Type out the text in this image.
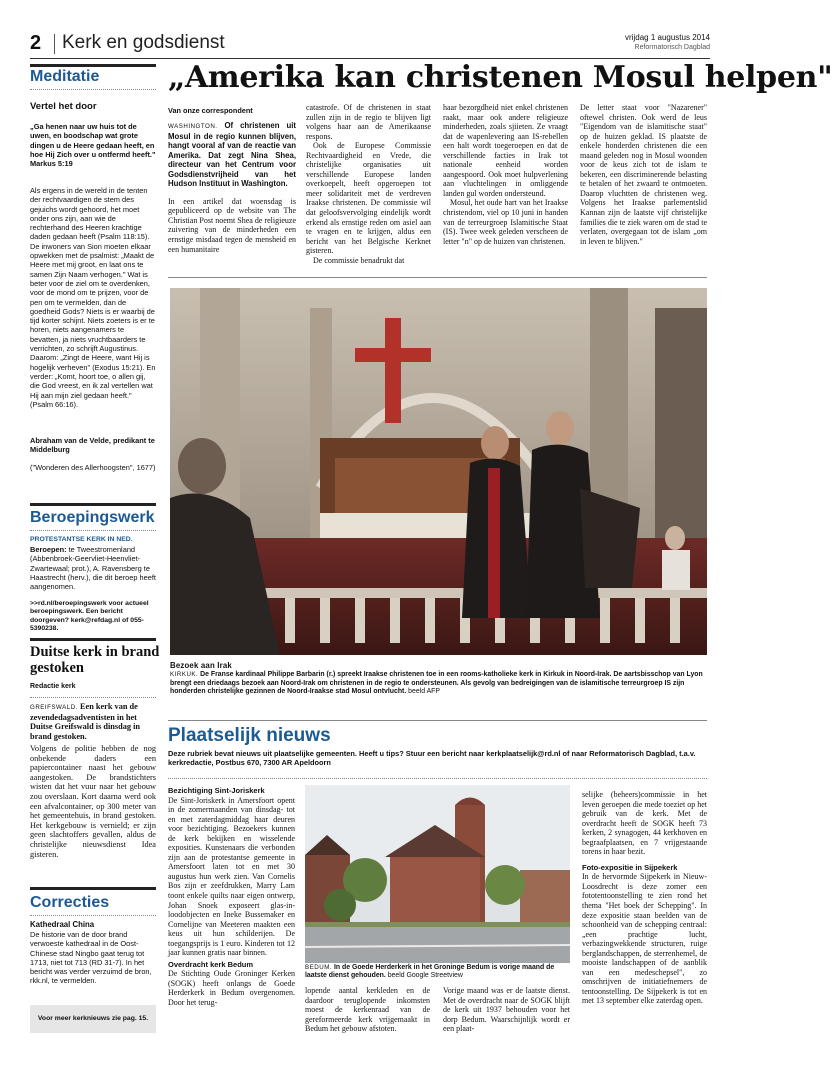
2 Kerk en godsdienst	vrijdag 1 augustus 2014
Reformatorisch Dagblad
Meditatie
Vertel het door
„Ga henen naar uw huis tot de uwen, en boodschap wat grote dingen u de Heere gedaan heeft, en hoe Hij Zich over u ontfermd heeft." Markus 5:19
Als ergens in de wereld in de tenten der rechtvaardigen de stem des gejuichs wordt gehoord, het moet onder ons zijn, aan wie de rechterhand des Heeren krachtige daden gedaan heeft (Psalm 118:15). De inwoners van Sion moeten elkaar opwekken met de psalmist: „Maakt de Heere met mij groot, en laat ons te samen Zijn Naam verhogen." Wat is beter voor de ziel om te overdenken, voor de mond om te prijzen, voor de pen om te vermelden, dan de goedheid Gods? Niets is er waarbij de tijd korter schijnt. Niets zoeters is er te horen, niets aangenamers te bevatten, ja niets vruchtbaarders te verrichten, zo schrijft Augustinus. Daarom: „Zingt de Heere, want Hij is hogelijk verheven" (Exodus 15:21). En verder: „Komt, hoort toe, o allen gij, die God vreest, en ik zal vertellen wat Hij aan mijn ziel gedaan heeft." (Psalm 66:16).
Abraham van de Velde, predikant te Middelburg
("Wonderen des Allerhoogsten", 1677)
Beroepingswerk
PROTESTANTSE KERK IN NED.
Beroepen: te Tweestromenland (Abbenbroek-Geervliet-Heenvliet-Zwartewaal; prot.), A. Ravensberg te Haastrecht (herv.), die dit beroep heeft aangenomen.
>>rd.nl/beroepingswerk voor actueel beroepingswerk. Een bericht doorgeven? kerk@refdag.nl of 055-5390238.
Duitse kerk in brand gestoken
Redactie kerk
GREIFSWALD. Een kerk van de zevendedagsadventisten in het Duitse Greifswald is dinsdag in brand gestoken.

Volgens de politie hebben de nog onbekende daders een papiercontainer naast het gebouw aangestoken. De brandstichters wisten dat het vuur naar het gebouw zou overslaan. Kort daarna werd ook een afvalcontainer, op 300 meter van het gemeentehuis, in brand gestoken. Het kerkgebouw is vernield; er zijn geen slachtoffers gevallen, aldus de christelijke nieuwsdienst Idea gisteren.

Correcties
Kathedraal China
De historie van de door brand verwoeste kathedraal in de Oost-Chinese stad Ningbo gaat terug tot 1713, niet tot 713 (RD 31-7). In het bericht was verder verzuimd de bron, rkk.nl, te vermelden.
Voor meer kerknieuws zie pag. 15.
„Amerika kan christenen Mosul helpen"
Van onze correspondent

WASHINGTON. Of christenen uit Mosul in de regio kunnen blijven, hangt vooral af van de reactie van Amerika. Dat zegt Nina Shea, directeur van het Centrum voor Godsdienstvrijheid van het Hudson Instituut in Washington.

In een artikel dat woensdag is gepubliceerd op de website van The Christian Post noemt Shea de religieuze zuivering van de minderheden een ernstige misdaad tegen de mensheid en een humanitaire

catastrofe. Of de christenen in staat zullen zijn in de regio te blijven ligt volgens haar aan de Amerikaanse respons.

Ook de Europese Commissie Rechtvaardigheid en Vrede, die christelijke organisaties uit verschillende Europese landen overkoepelt, heeft opgeroepen tot meer solidariteit met de verdreven Iraakse christenen. De commissie wil dat geloofsvervolging eindelijk wordt erkend als ernstige reden om asiel aan te vragen en te krijgen, aldus een bericht van het Belgische Kerknet gisteren.

De commissie benadrukt dat

haar bezorgdheid niet enkel christenen raakt, maar ook andere religieuze minderheden, zoals sjiieten. Ze vraagt dat de wapenlevering aan IS-rebellen een halt wordt toegeroepen en dat de verschillende facties in Irak tot nationale eenheid worden aangespoord. Ook moet hulpverlening aan vluchtelingen in omliggende landen gul worden ondersteund.

Mosul, het oude hart van het Iraakse christendom, viel op 10 juni in handen van de terreurgroep Islamitische Staat (IS). Twee week geleden verscheen de letter "n" op de huizen van christenen.

De letter staat voor "Nazarener" oftewel christen. Ook werd de leus "Eigendom van de islamitische staat" op de huizen geklad. IS plaatste de enkele honderden christenen die een maand geleden nog in Mosul woonden voor de keus zich tot de islam te bekeren, een discriminerende belasting te betalen of het zwaard te ontmoeten. Daarop vluchtten de christenen weg. Volgens het Iraakse parlementslid Kannan zijn de laatste vijf christelijke families die te ziek waren om de stad te verlaten, overgegaan tot de islam „om in leven te blijven."

Bezoek aan Irak
KIRKUK. De Franse kardinaal Philippe Barbarin (r.) spreekt Iraakse christenen toe in een rooms-katholieke kerk in Kirkuk in Noord-Irak. De aartsbisschop van Lyon brengt een driedaags bezoek aan Noord-Irak om christenen in de regio te ondersteunen. Als gevolg van bedreigingen van de islamitische terreurgroep IS zijn honderden christelijke gezinnen de Noord-Iraakse stad Mosul ontvlucht. beeld AFP
Plaatselijk nieuws
Deze rubriek bevat nieuws uit plaatselijke gemeenten. Heeft u tips? Stuur een bericht naar kerkplaatselijk@rd.nl of naar Reformatorisch Dagblad, t.a.v. kerkredactie, Postbus 670, 7300 AR Apeldoorn
Bezichtiging Sint-Joriskerk

De Sint-Joriskerk in Amersfoort opent in de zomermaanden van dinsdag- tot en met zaterdagmiddag haar deuren voor bezichtiging. Bezoekers kunnen de kerk bekijken en wisselende exposities. Kunstenaars die verbonden zijn aan de protestantse gemeente in Amersfoort laten tot en met 30 augustus hun werk zien. Van Cornelis Bos zijn er zeefdrukken, Marry Lam toont enkele quilts naar eigen ontwerp, Johan Snoek exposeert glas-in-loodobjecten en Ineke Bussemaker en Cornelijne van Meeteren maakten een keus uit hun schilderijen. De toegangsprijs is 1 euro. Kinderen tot 12 jaar kunnen gratis naar binnen.

Overdracht kerk Bedum

De Stichting Oude Groninger Kerken (SOGK) heeft onlangs de Goede Herderkerk in Bedum overgenomen. Door het terug-

BEDUM. In de Goede Herderkerk in het Groninge Bedum is vorige maand de laatste dienst gehouden. beeld Google Streetview

lopende aantal kerkleden en de daardoor teruglopende inkomsten moest de kerkenraad van de gereformeerde kerk vrijgemaakt in Bedum het gebouw afstoten.

Vorige maand was er de laatste dienst. Met de overdracht naar de SOGK blijft de kerk uit 1937 behouden voor het dorp Bedum. Waarschijnlijk wordt er een plaat-

selijke (beheers)commissie in het leven geroepen die mede toeziet op het gebruik van de kerk. Met de overdracht heeft de SOGK heeft 73 kerken, 2 synagogen, 44 kerkhoven en begraafplaatsen, en 7 vrijgestaande torens in haar bezit.

Foto-expositie in Sijpekerk

In de hervormde Sijpekerk in Nieuw-Loosdrecht is deze zomer een fototentoonstelling te zien rond het thema "Het boek der Schepping". In deze expositie staan beelden van de schoonheid van de schepping centraal: „een prachtige lucht, verbazingwekkende structuren, ruige berglandschappen, de sterrenhemel, de mooiste landschappen of de aanblik van een medeschepsel", zo omschrijven de initiatiefnemers de tentoonstelling. De Sijpekerk is tot en met 13 september elke zaterdag open.
